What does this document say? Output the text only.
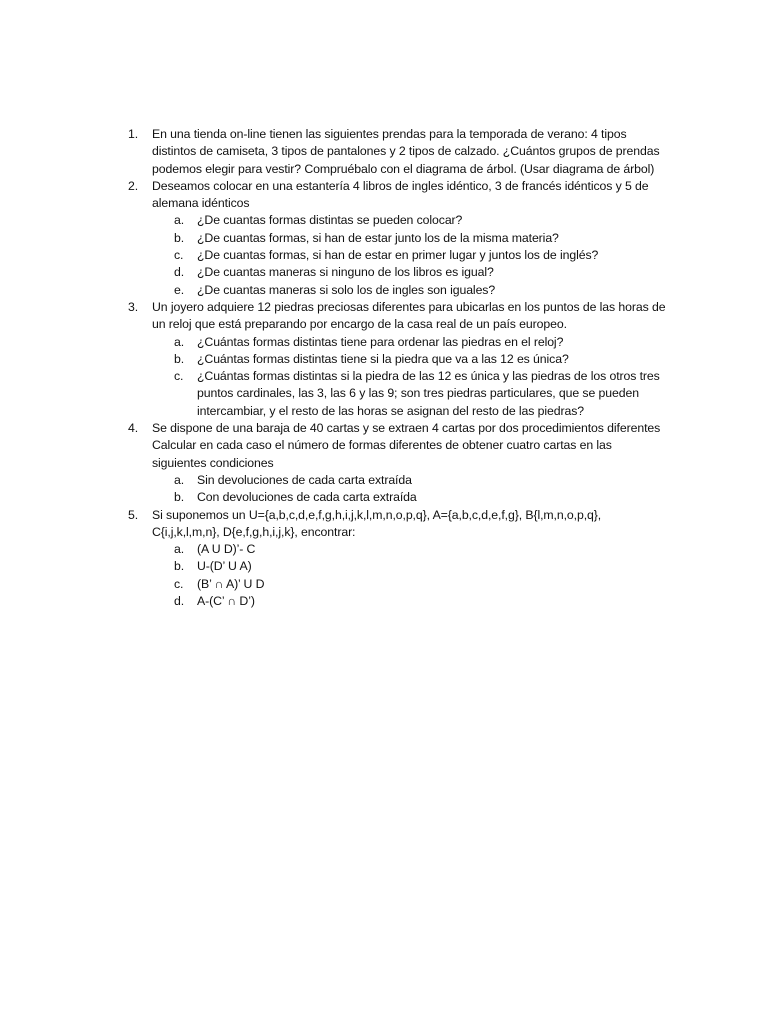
1.	En una tienda on-line tienen las siguientes prendas para la temporada de verano: 4 tipos distintos de camiseta, 3 tipos de pantalones y 2 tipos de calzado. ¿Cuántos grupos de prendas podemos elegir para vestir? Compruébalo con el diagrama de árbol. (Usar diagrama de árbol)
2.	Deseamos colocar en una estantería 4 libros de ingles idéntico, 3 de francés idénticos y 5 de alemana idénticos
a.	¿De cuantas formas distintas se pueden colocar?
b.	¿De cuantas formas, si han de estar junto los de la misma materia?
c.	¿De cuantas formas, si han de estar en primer lugar y juntos los de inglés?
d.	¿De cuantas maneras si ninguno de los libros es igual?
e.	¿De cuantas maneras si solo los de ingles son iguales?
3.	Un joyero adquiere 12 piedras preciosas diferentes para ubicarlas en los puntos de las horas de un reloj que está preparando por encargo de la casa real de un país europeo.
a.	¿Cuántas formas distintas tiene para ordenar las piedras en el reloj?
b.	¿Cuántas formas distintas tiene si la piedra que va a las 12 es única?
c.	¿Cuántas formas distintas si la piedra de las 12 es única y las piedras de los otros tres puntos cardinales, las 3, las 6 y las 9; son tres piedras particulares, que se pueden intercambiar, y el resto de las horas se asignan del resto de las piedras?
4.	Se dispone de una baraja de 40 cartas y se extraen 4 cartas por dos procedimientos diferentes Calcular en cada caso el número de formas diferentes de obtener cuatro cartas en las siguientes condiciones
a.	Sin devoluciones de cada carta extraída
b.	Con devoluciones de cada carta extraída
5.	Si suponemos un U={a,b,c,d,e,f,g,h,i,j,k,l,m,n,o,p,q}, A={a,b,c,d,e,f,g}, B{l,m,n,o,p,q}, C{i,j,k,l,m,n}, D{e,f,g,h,i,j,k}, encontrar:
a.	(A U D)’- C
b.	U-(D’ U A)
c.	(B’ ∩ A)’ U D
d.	A-(C’ ∩ D’)
